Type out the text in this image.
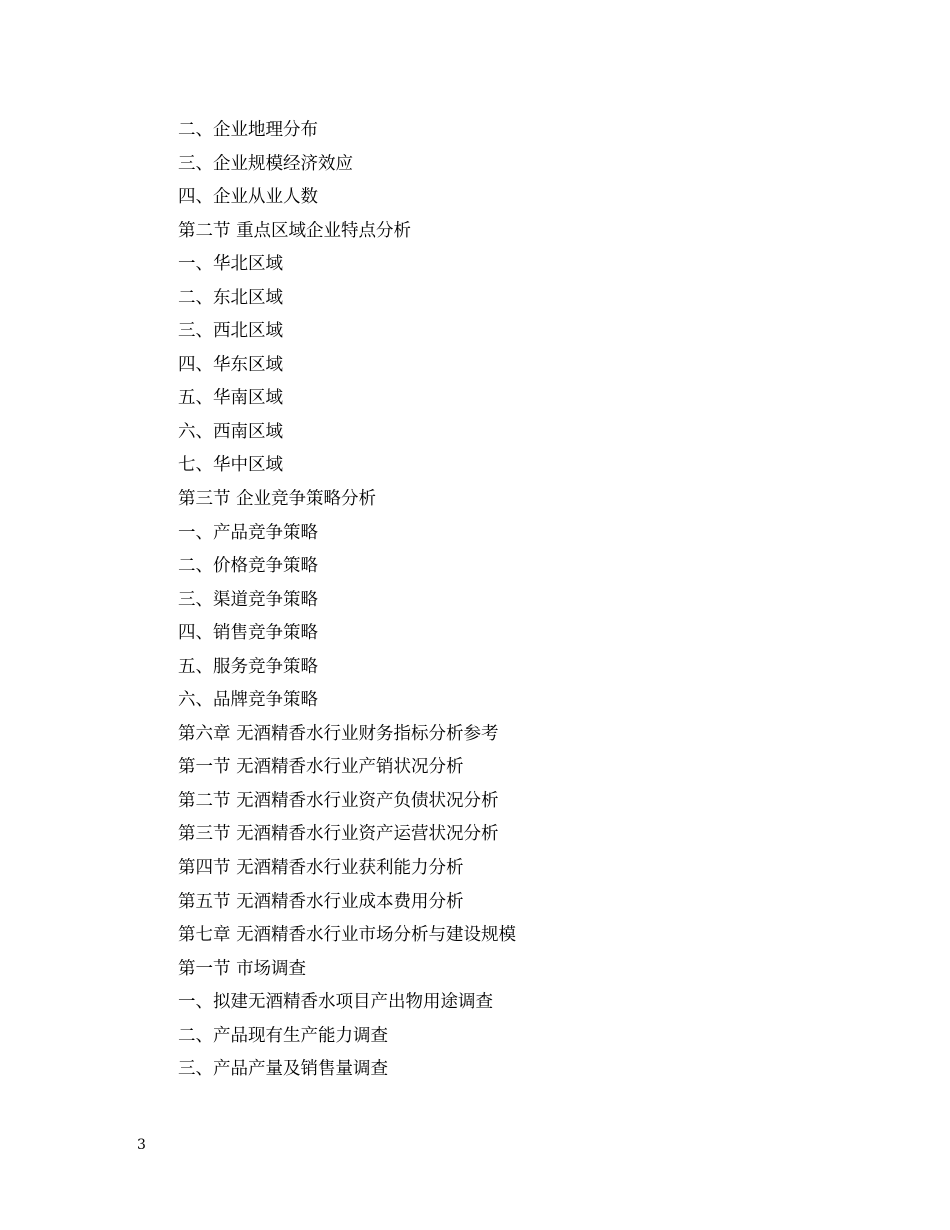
二、企业地理分布
三、企业规模经济效应
四、企业从业人数
第二节 重点区域企业特点分析
一、华北区域
二、东北区域
三、西北区域
四、华东区域
五、华南区域
六、西南区域
七、华中区域
第三节 企业竞争策略分析
一、产品竞争策略
二、价格竞争策略
三、渠道竞争策略
四、销售竞争策略
五、服务竞争策略
六、品牌竞争策略
第六章 无酒精香水行业财务指标分析参考
第一节 无酒精香水行业产销状况分析
第二节 无酒精香水行业资产负债状况分析
第三节 无酒精香水行业资产运营状况分析
第四节 无酒精香水行业获利能力分析
第五节 无酒精香水行业成本费用分析
第七章 无酒精香水行业市场分析与建设规模
第一节 市场调查
一、拟建无酒精香水项目产出物用途调查
二、产品现有生产能力调查
三、产品产量及销售量调查
3
